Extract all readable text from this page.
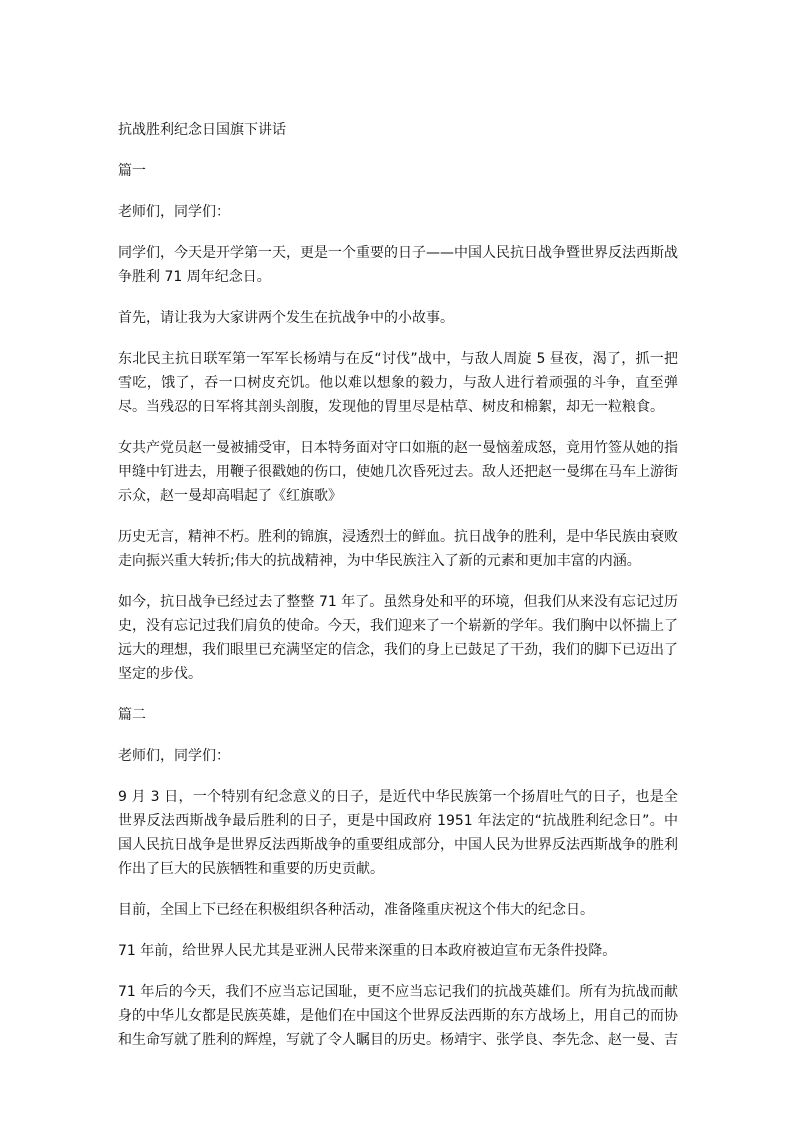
抗战胜利纪念日国旗下讲话
篇一
老师们，同学们：
同学们，今天是开学第一天，更是一个重要的日子——中国人民抗日战争暨世界反法西斯战争胜利 71 周年纪念日。
首先，请让我为大家讲两个发生在抗战争中的小故事。
东北民主抗日联军第一军军长杨靖与在反“讨伐”战中，与敌人周旋 5 昼夜，渴了，抓一把雪吃，饿了，吞一口树皮充饥。他以难以想象的毅力，与敌人进行着顽强的斗争，直至弹尽。当残忍的日军将其剖头剖腹，发现他的胃里尽是枯草、树皮和棉絮，却无一粒粮食。
女共产党员赵一曼被捕受审，日本特务面对守口如瓶的赵一曼恼羞成怒，竟用竹签从她的指甲缝中钉进去，用鞭子很戳她的伤口，使她几次昏死过去。敌人还把赵一曼绑在马车上游街示众，赵一曼却高唱起了《红旗歌》
历史无言，精神不朽。胜利的锦旗，浸透烈士的鲜血。抗日战争的胜利，是中华民族由衰败走向振兴重大转折;伟大的抗战精神，为中华民族注入了新的元素和更加丰富的内涵。
如今，抗日战争已经过去了整整 71 年了。虽然身处和平的环境，但我们从来没有忘记过历史，没有忘记过我们肩负的使命。今天，我们迎来了一个崭新的学年。我们胸中以怀揣上了远大的理想，我们眼里已充满坚定的信念，我们的身上已鼓足了干劲，我们的脚下已迈出了坚定的步伐。
篇二
老师们，同学们：
9 月 3 日，一个特别有纪念意义的日子，是近代中华民族第一个扬眉吐气的日子，也是全世界反法西斯战争最后胜利的日子，更是中国政府 1951 年法定的“抗战胜利纪念日”。中国人民抗日战争是世界反法西斯战争的重要组成部分，中国人民为世界反法西斯战争的胜利作出了巨大的民族牺牲和重要的历史贡献。
目前，全国上下已经在积极组织各种活动，准备隆重庆祝这个伟大的纪念日。
71 年前，给世界人民尤其是亚洲人民带来深重的日本政府被迫宣布无条件投降。
71 年后的今天，我们不应当忘记国耻，更不应当忘记我们的抗战英雄们。所有为抗战而献身的中华儿女都是民族英雄，是他们在中国这个世界反法西斯的东方战场上，用自己的而协和生命写就了胜利的辉煌，写就了令人瞩目的历史。杨靖宇、张学良、李先念、赵一曼、吉
